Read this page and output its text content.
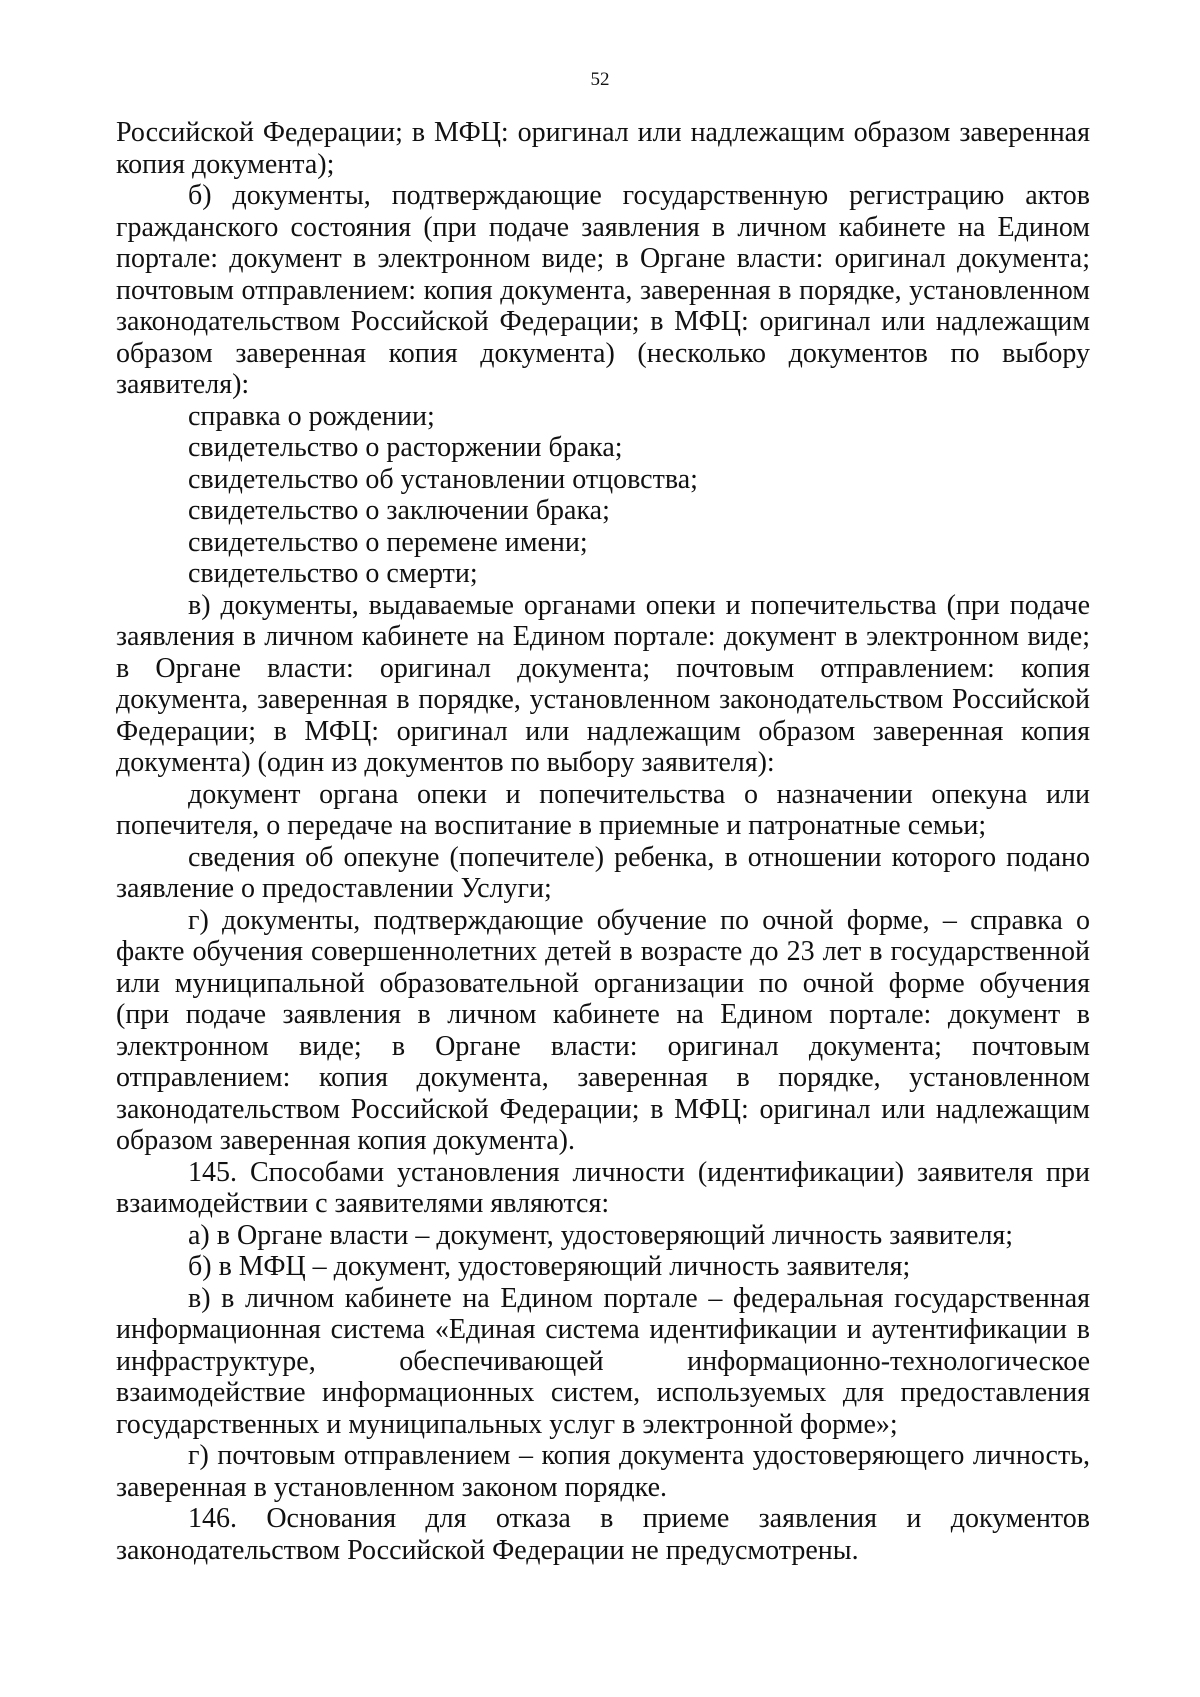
52

Российской Федерации; в МФЦ: оригинал или надлежащим образом заверенная копия документа);

б) документы, подтверждающие государственную регистрацию актов гражданского состояния (при подаче заявления в личном кабинете на Едином портале: документ в электронном виде; в Органе власти: оригинал документа; почтовым отправлением: копия документа, заверенная в порядке, установленном законодательством Российской Федерации; в МФЦ: оригинал или надлежащим образом заверенная копия документа) (несколько документов по выбору заявителя):

справка о рождении;

свидетельство о расторжении брака;

свидетельство об установлении отцовства;

свидетельство о заключении брака;

свидетельство о перемене имени;

свидетельство о смерти;

в) документы, выдаваемые органами опеки и попечительства (при подаче заявления в личном кабинете на Едином портале: документ в электронном виде; в Органе власти: оригинал документа; почтовым отправлением: копия документа, заверенная в порядке, установленном законодательством Российской Федерации; в МФЦ: оригинал или надлежащим образом заверенная копия документа) (один из документов по выбору заявителя):

документ органа опеки и попечительства о назначении опекуна или попечителя, о передаче на воспитание в приемные и патронатные семьи;

сведения об опекуне (попечителе) ребенка, в отношении которого подано заявление о предоставлении Услуги;

г) документы, подтверждающие обучение по очной форме, – справка о факте обучения совершеннолетних детей в возрасте до 23 лет в государственной или муниципальной образовательной организации по очной форме обучения (при подаче заявления в личном кабинете на Едином портале: документ в электронном виде; в Органе власти: оригинал документа; почтовым отправлением: копия документа, заверенная в порядке, установленном законодательством Российской Федерации; в МФЦ: оригинал или надлежащим образом заверенная копия документа).

145. Способами установления личности (идентификации) заявителя при взаимодействии с заявителями являются:

а) в Органе власти – документ, удостоверяющий личность заявителя;

б) в МФЦ – документ, удостоверяющий личность заявителя;

в) в личном кабинете на Едином портале – федеральная государственная информационная система «Единая система идентификации и аутентификации в инфраструктуре, обеспечивающей информационно-технологическое взаимодействие информационных систем, используемых для предоставления государственных и муниципальных услуг в электронной форме»;

г) почтовым отправлением – копия документа удостоверяющего личность, заверенная в установленном законом порядке.

146. Основания для отказа в приеме заявления и документов законодательством Российской Федерации не предусмотрены.
